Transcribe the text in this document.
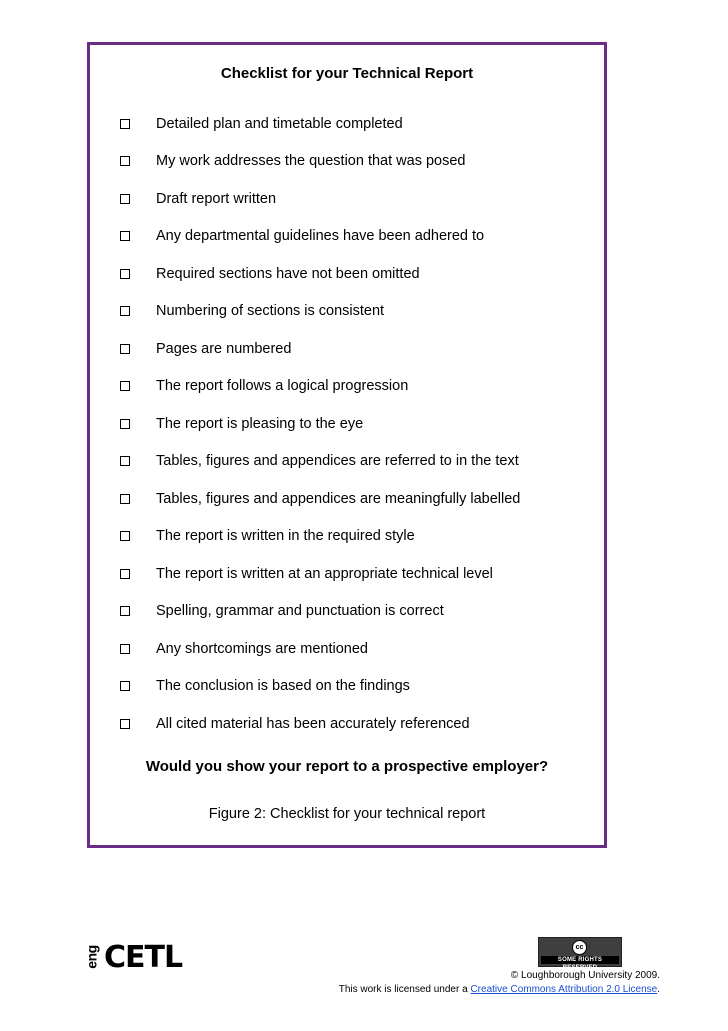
Checklist for your Technical Report
Detailed plan and timetable completed
My work addresses the question that was posed
Draft report written
Any departmental guidelines have been adhered to
Required sections have not been omitted
Numbering of sections is consistent
Pages are numbered
The report follows a logical progression
The report is pleasing to the eye
Tables, figures and appendices are referred to in the text
Tables, figures and appendices are meaningfully labelled
The report is written in the required style
The report is written at an appropriate technical level
Spelling, grammar and punctuation is correct
Any shortcomings are mentioned
The conclusion is based on the findings
All cited material has been accurately referenced
Would you show your report to a prospective employer?
Figure 2: Checklist for your technical report
eng CETL	cc
SOME RIGHTS RESERVED
© Loughborough University 2009.
This work is licensed under a Creative Commons Attribution 2.0 License.
